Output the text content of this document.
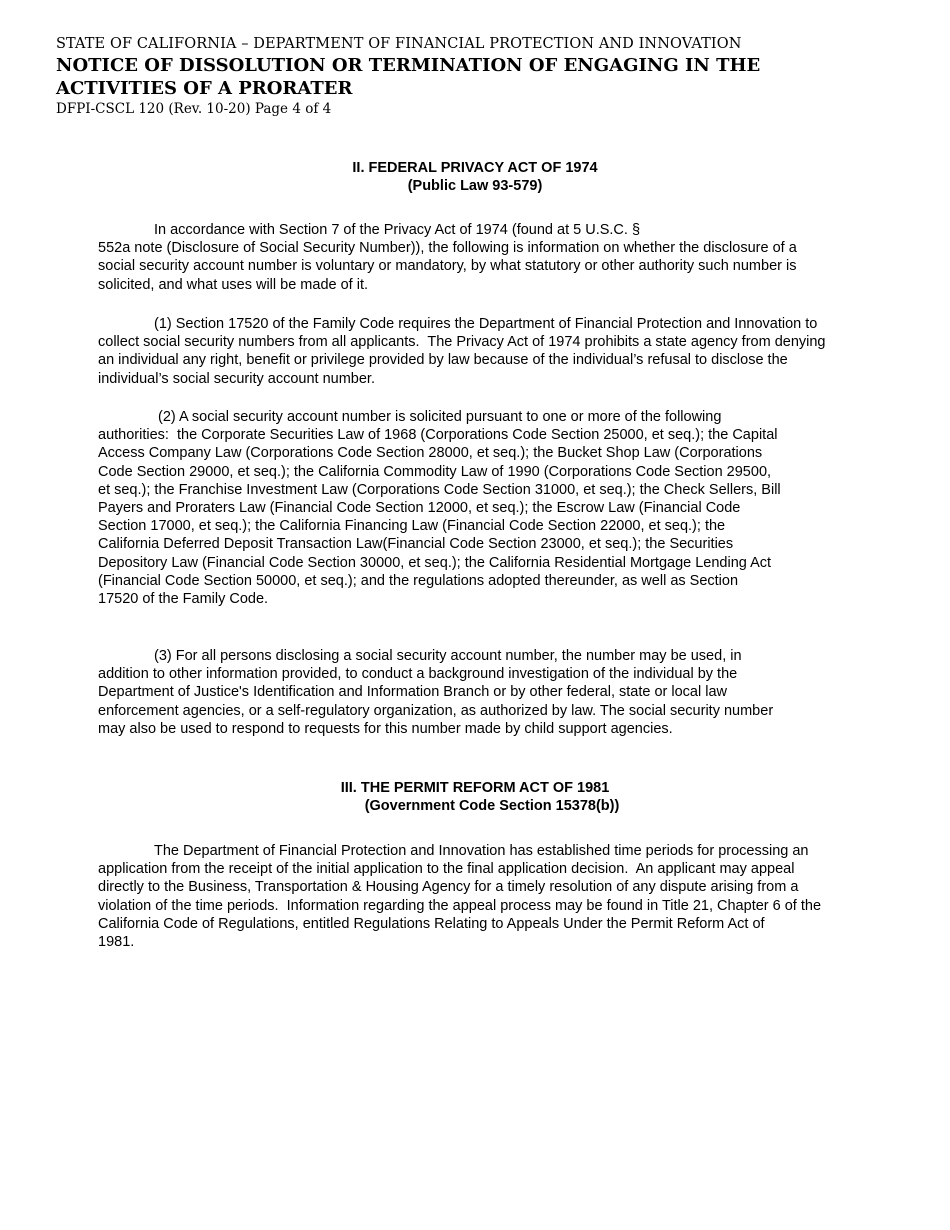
STATE OF CALIFORNIA – DEPARTMENT OF FINANCIAL PROTECTION AND INNOVATION
NOTICE OF DISSOLUTION OR TERMINATION OF ENGAGING IN THE
ACTIVITIES OF A PRORATER
DFPI-CSCL 120 (Rev. 10-20) Page 4 of 4
II. FEDERAL PRIVACY ACT OF 1974
(Public Law 93-579)
In accordance with Section 7 of the Privacy Act of 1974 (found at 5 U.S.C. §
552a note (Disclosure of Social Security Number)), the following is information on whether the disclosure of a
social security account number is voluntary or mandatory, by what statutory or other authority such number is
solicited, and what uses will be made of it.
(1) Section 17520 of the Family Code requires the Department of Financial Protection and Innovation to
collect social security numbers from all applicants.  The Privacy Act of 1974 prohibits a state agency from denying
an individual any right, benefit or privilege provided by law because of the individual’s refusal to disclose the
individual’s social security account number.
(2) A social security account number is solicited pursuant to one or more of the following
authorities:  the Corporate Securities Law of 1968 (Corporations Code Section 25000, et seq.); the Capital
Access Company Law (Corporations Code Section 28000, et seq.); the Bucket Shop Law (Corporations
Code Section 29000, et seq.); the California Commodity Law of 1990 (Corporations Code Section 29500,
et seq.); the Franchise Investment Law (Corporations Code Section 31000, et seq.); the Check Sellers, Bill
Payers and Proraters Law (Financial Code Section 12000, et seq.); the Escrow Law (Financial Code
Section 17000, et seq.); the California Financing Law (Financial Code Section 22000, et seq.); the
California Deferred Deposit Transaction Law(Financial Code Section 23000, et seq.); the Securities
Depository Law (Financial Code Section 30000, et seq.); the California Residential Mortgage Lending Act
(Financial Code Section 50000, et seq.); and the regulations adopted thereunder, as well as Section
17520 of the Family Code.
(3) For all persons disclosing a social security account number, the number may be used, in
addition to other information provided, to conduct a background investigation of the individual by the
Department of Justice's Identification and Information Branch or by other federal, state or local law
enforcement agencies, or a self-regulatory organization, as authorized by law. The social security number
may also be used to respond to requests for this number made by child support agencies.
III. THE PERMIT REFORM ACT OF 1981
(Government Code Section 15378(b))
The Department of Financial Protection and Innovation has established time periods for processing an
application from the receipt of the initial application to the final application decision.  An applicant may appeal
directly to the Business, Transportation & Housing Agency for a timely resolution of any dispute arising from a
violation of the time periods.  Information regarding the appeal process may be found in Title 21, Chapter 6 of the
California Code of Regulations, entitled Regulations Relating to Appeals Under the Permit Reform Act of
1981.
